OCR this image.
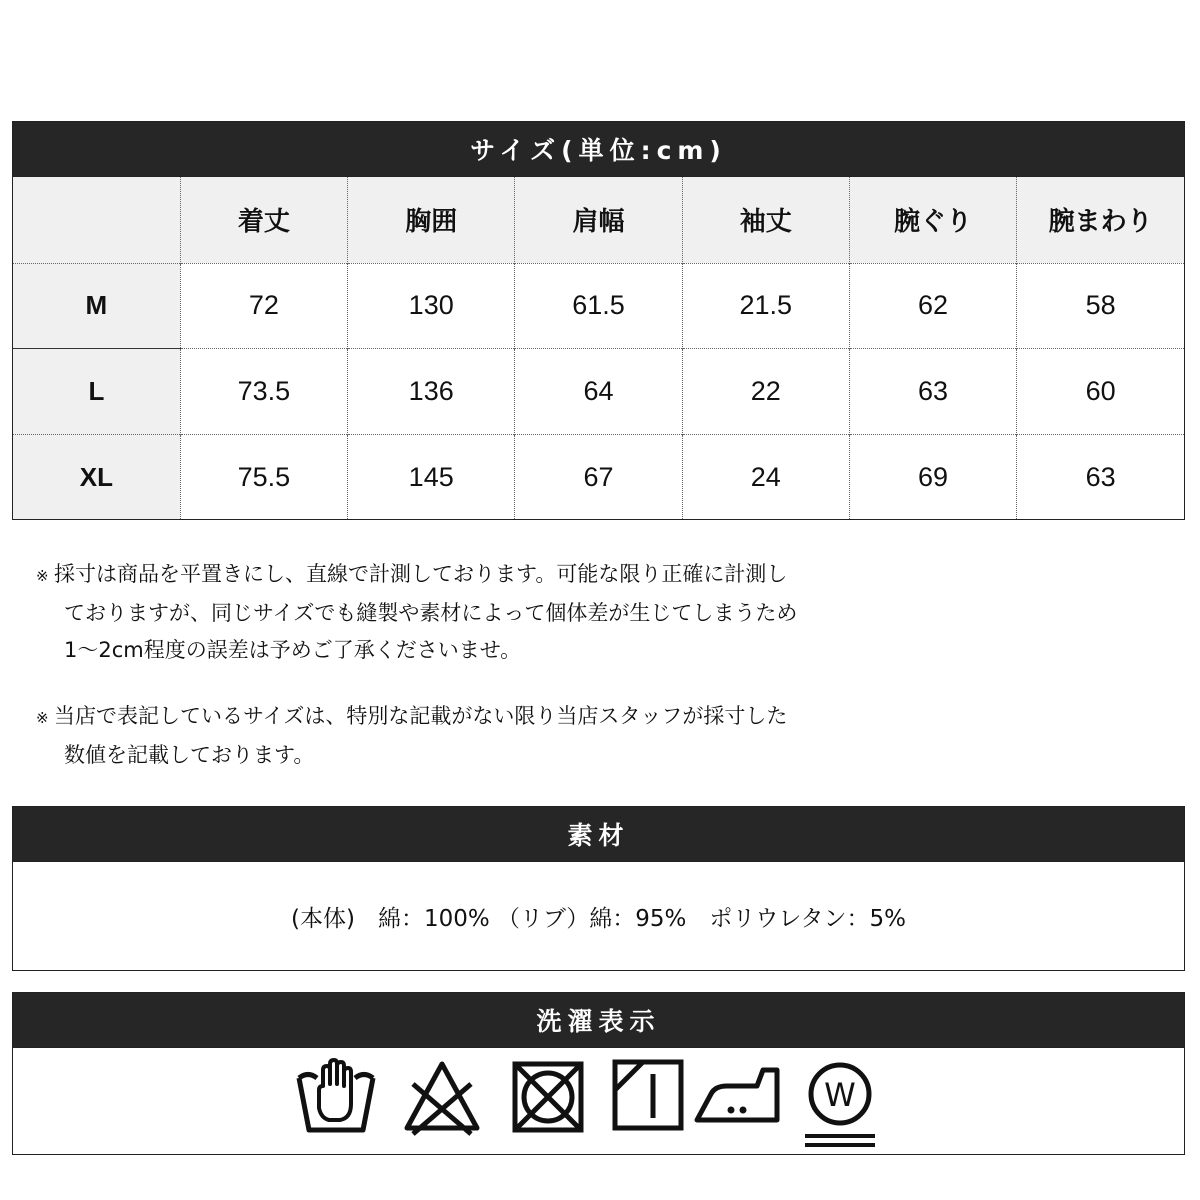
サイズ(単位:cm)
	着丈	胸囲	肩幅	袖丈	腕ぐり	腕まわり
M	72	130	61.5	21.5	62	58
L	73.5	136	64	22	63	60
XL	75.5	145	67	24	69	63
※ 採寸は商品を平置きにし、直線で計測しております。可能な限り正確に計測し
ておりますが、同じサイズでも縫製や素材によって個体差が生じてしまうため
1〜2cm程度の誤差は予めご了承くださいませ。
※ 当店で表記しているサイズは、特別な記載がない限り当店スタッフが採寸した
数値を記載しております。
素材
(本体)　綿：100% （リブ）綿：95%　ポリウレタン：5%
洗濯表示
W
